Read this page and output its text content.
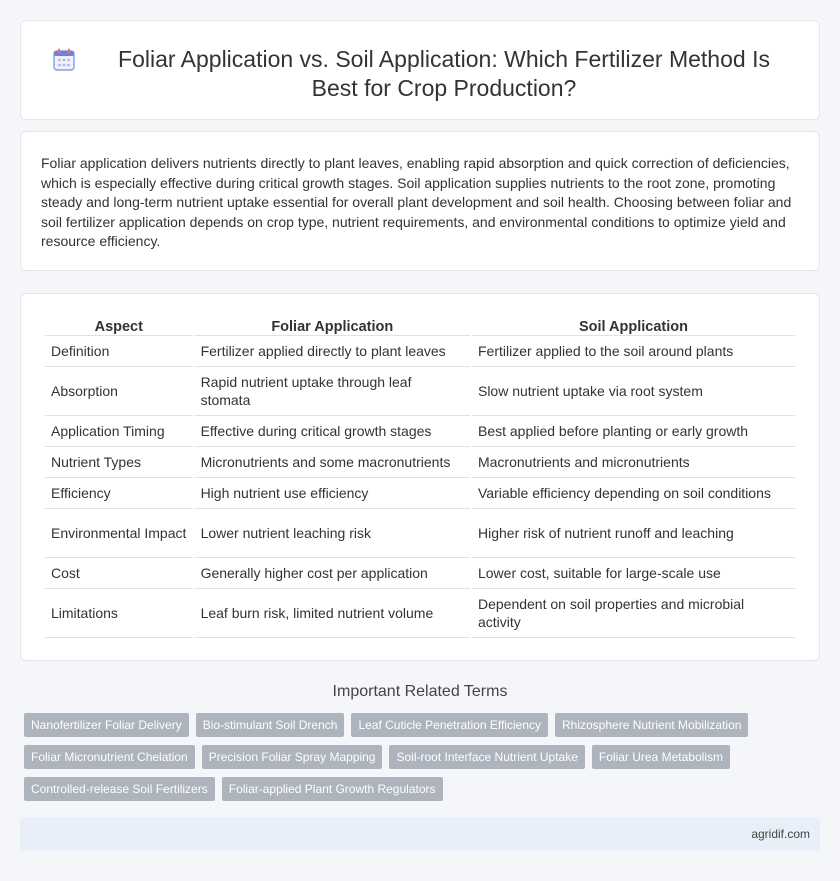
Foliar Application vs. Soil Application: Which Fertilizer Method Is Best for Crop Production?

Foliar application delivers nutrients directly to plant leaves, enabling rapid absorption and quick correction of deficiencies, which is especially effective during critical growth stages. Soil application supplies nutrients to the root zone, promoting steady and long-term nutrient uptake essential for overall plant development and soil health. Choosing between foliar and soil fertilizer application depends on crop type, nutrient requirements, and environmental conditions to optimize yield and resource efficiency.

Aspect	Foliar Application	Soil Application
Definition	Fertilizer applied directly to plant leaves	Fertilizer applied to the soil around plants
Absorption	Rapid nutrient uptake through leaf stomata	Slow nutrient uptake via root system
Application Timing	Effective during critical growth stages	Best applied before planting or early growth
Nutrient Types	Micronutrients and some macronutrients	Macronutrients and micronutrients
Efficiency	High nutrient use efficiency	Variable efficiency depending on soil conditions
Environmental Impact	Lower nutrient leaching risk	Higher risk of nutrient runoff and leaching
Cost	Generally higher cost per application	Lower cost, suitable for large-scale use
Limitations	Leaf burn risk, limited nutrient volume	Dependent on soil properties and microbial activity
Important Related Terms
Nanofertilizer Foliar Delivery	Bio-stimulant Soil Drench	Leaf Cuticle Penetration Efficiency	Rhizosphere Nutrient Mobilization
Foliar Micronutrient Chelation	Precision Foliar Spray Mapping	Soil-root Interface Nutrient Uptake	Foliar Urea Metabolism
Controlled-release Soil Fertilizers	Foliar-applied Plant Growth Regulators
agridif.com
